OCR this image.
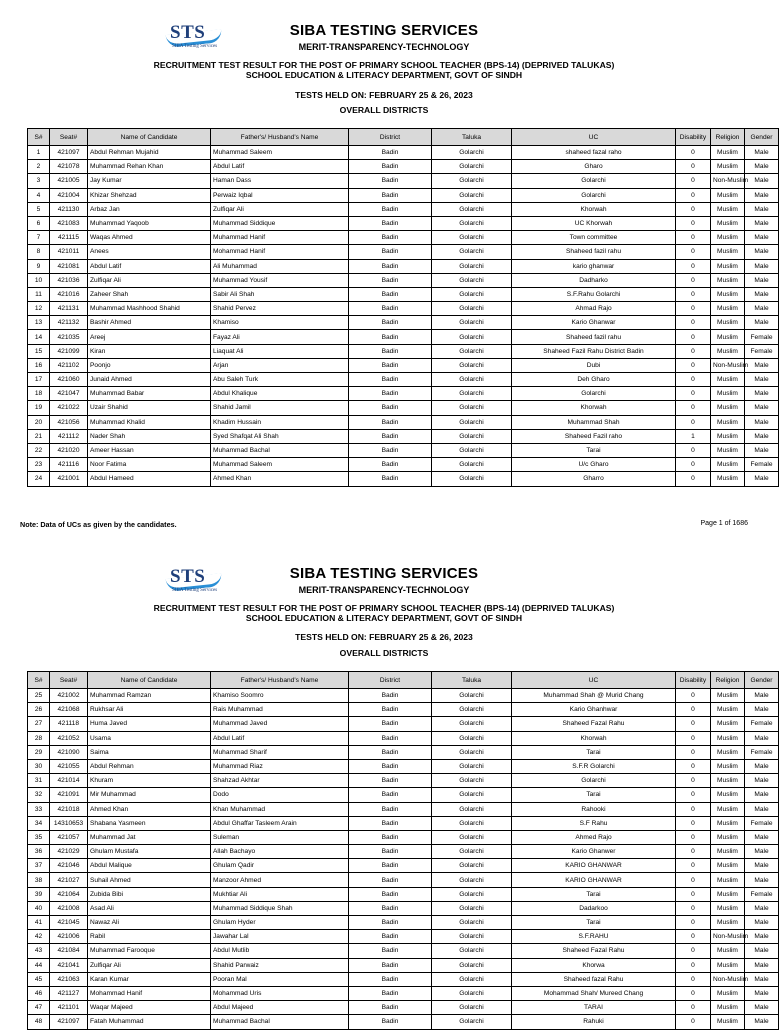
STS
SIBA Testing Services
SIBA TESTING SERVICES
MERIT-TRANSPARENCY-TECHNOLOGY
RECRUITMENT TEST RESULT FOR THE POST OF PRIMARY SCHOOL TEACHER (BPS-14) (DEPRIVED TALUKAS)
SCHOOL EDUCATION & LITERACY DEPARTMENT, GOVT OF SINDH
TESTS HELD ON: FEBRUARY 25 & 26, 2023
OVERALL DISTRICTS
S#	Seat#	Name of Candidate	Father's/ Husband's Name	District	Taluka	UC	Disability	Religion	Gender
1	421097	Abdul Rehman Mujahid	Muhammad Saleem	Badin	Golarchi	shaheed fazal raho	0	Muslim	Male
2	421078	Muhammad Rehan Khan	Abdul Latif	Badin	Golarchi	Gharo	0	Muslim	Male
3	421005	Jay Kumar	Haman Dass	Badin	Golarchi	Golarchi	0	Non-Muslim	Male
4	421004	Khizar Shehzad	Perwaiz Iqbal	Badin	Golarchi	Golarchi	0	Muslim	Male
5	421130	Arbaz Jan	Zulfiqar Ali	Badin	Golarchi	Khorwah	0	Muslim	Male
6	421083	Muhammad Yaqoob	Muhammad Siddique	Badin	Golarchi	UC Khorwah	0	Muslim	Male
7	421115	Waqas Ahmed	Muhammad Hanif	Badin	Golarchi	Town committee	0	Muslim	Male
8	421011	Anees	Mohammad Hanif	Badin	Golarchi	Shaheed fazil rahu	0	Muslim	Male
9	421081	Abdul Latif	Ali Muhammad	Badin	Golarchi	kario ghanwar	0	Muslim	Male
10	421036	Zulfiqar Ali	Muhammad Yousif	Badin	Golarchi	Dadharko	0	Muslim	Male
11	421016	Zaheer Shah	Sabir Ali Shah	Badin	Golarchi	S.F.Rahu Golarchi	0	Muslim	Male
12	421131	Muhammad Mashhood Shahid	Shahid Pervez	Badin	Golarchi	Ahmad Rajo	0	Muslim	Male
13	421132	Bashir Ahmed	Khamiso	Badin	Golarchi	Kario Ghanwar	0	Muslim	Male
14	421035	Areej	Fayaz Ali	Badin	Golarchi	Shaheed fazil rahu	0	Muslim	Female
15	421099	Kiran	Liaquat Ali	Badin	Golarchi	Shaheed Fazil Rahu District Badin	0	Muslim	Female
16	421102	Poonjo	Arjan	Badin	Golarchi	Dubi	0	Non-Muslim	Male
17	421060	Junaid Ahmed	Abu Saleh Turk	Badin	Golarchi	Deh Gharo	0	Muslim	Male
18	421047	Muhammad Babar	Abdul Khalique	Badin	Golarchi	Golarchi	0	Muslim	Male
19	421022	Uzair Shahid	Shahid Jamil	Badin	Golarchi	Khorwah	0	Muslim	Male
20	421056	Muhammad Khalid	Khadim Hussain	Badin	Golarchi	Muhammad Shah	0	Muslim	Male
21	421112	Nader Shah	Syed Shafqat Ali Shah	Badin	Golarchi	Shaheed Fazil raho	1	Muslim	Male
22	421020	Ameer Hassan	Muhammad Bachal	Badin	Golarchi	Tarai	0	Muslim	Male
23	421116	Noor Fatima	Muhammad Saleem	Badin	Golarchi	U/c Gharo	0	Muslim	Female
24	421001	Abdul Hameed	Ahmed Khan	Badin	Golarchi	Gharro	0	Muslim	Male
Note: Data of UCs as given by the candidates.	Page 1 of 1686
STS
SIBA Testing Services
SIBA TESTING SERVICES
MERIT-TRANSPARENCY-TECHNOLOGY
RECRUITMENT TEST RESULT FOR THE POST OF PRIMARY SCHOOL TEACHER (BPS-14) (DEPRIVED TALUKAS)
SCHOOL EDUCATION & LITERACY DEPARTMENT, GOVT OF SINDH
TESTS HELD ON: FEBRUARY 25 & 26, 2023
OVERALL DISTRICTS
S#	Seat#	Name of Candidate	Father's/ Husband's Name	District	Taluka	UC	Disability	Religion	Gender
25	421002	Muhammad Ramzan	Khamiso Soomro	Badin	Golarchi	Muhammad Shah @ Murid Chang	0	Muslim	Male
26	421068	Rukhsar Ali	Rais Muhammad	Badin	Golarchi	Kario Ghanhwar	0	Muslim	Male
27	421118	Huma Javed	Muhammad Javed	Badin	Golarchi	Shaheed Fazal Rahu	0	Muslim	Female
28	421052	Usama	Abdul Latif	Badin	Golarchi	Khorwah	0	Muslim	Male
29	421090	Saima	Muhammad Sharif	Badin	Golarchi	Tarai	0	Muslim	Female
30	421055	Abdul Rehman	Muhammad Riaz	Badin	Golarchi	S.F.R Golarchi	0	Muslim	Male
31	421014	Khuram	Shahzad Akhtar	Badin	Golarchi	Golarchi	0	Muslim	Male
32	421091	Mir Muhammad	Dodo	Badin	Golarchi	Tarai	0	Muslim	Male
33	421018	Ahmed Khan	Khan Muhammad	Badin	Golarchi	Rahooki	0	Muslim	Male
34	14310653	Shabana Yasmeen	Abdul Ghaffar Tasleem Arain	Badin	Golarchi	S.F Rahu	0	Muslim	Female
35	421057	Muhammad Jat	Suleman	Badin	Golarchi	Ahmed Rajo	0	Muslim	Male
36	421029	Ghulam Mustafa	Allah Bachayo	Badin	Golarchi	Kario Ghanwer	0	Muslim	Male
37	421046	Abdul Malique	Ghulam Qadir	Badin	Golarchi	KARIO GHANWAR	0	Muslim	Male
38	421027	Suhail Ahmed	Manzoor Ahmed	Badin	Golarchi	KARIO GHANWAR	0	Muslim	Male
39	421064	Zubida Bibi	Mukhtiar Ali	Badin	Golarchi	Tarai	0	Muslim	Female
40	421008	Asad Ali	Muhammad Siddique Shah	Badin	Golarchi	Dadarkoo	0	Muslim	Male
41	421045	Nawaz Ali	Ghulam Hyder	Badin	Golarchi	Tarai	0	Muslim	Male
42	421006	Rabil	Jawahar Lal	Badin	Golarchi	S.F.RAHU	0	Non-Muslim	Male
43	421084	Muhammad Farooque	Abdul Mutlib	Badin	Golarchi	Shaheed Fazal Rahu	0	Muslim	Male
44	421041	Zulfiqar Ali	Shahid Parwaiz	Badin	Golarchi	Khorwa	0	Muslim	Male
45	421063	Karan Kumar	Pooran Mal	Badin	Golarchi	Shaheed fazal Rahu	0	Non-Muslim	Male
46	421127	Mohammad Hanif	Mohammad Uris	Badin	Golarchi	Mohammad Shah/ Mureed Chang	0	Muslim	Male
47	421101	Waqar Majeed	Abdul Majeed	Badin	Golarchi	TARAI	0	Muslim	Male
48	421097	Fatah Muhammad	Muhammad Bachal	Badin	Golarchi	Rahuki	0	Muslim	Male
